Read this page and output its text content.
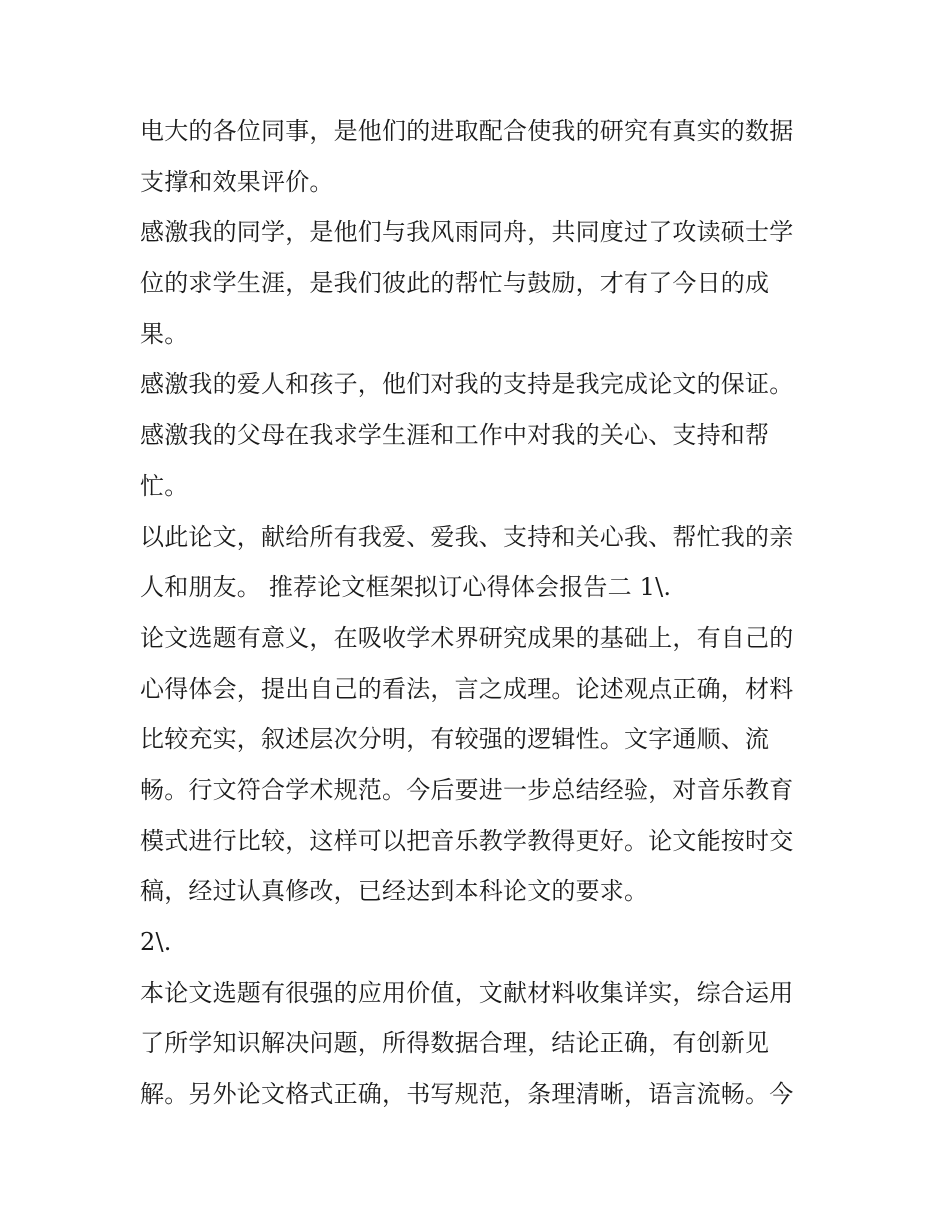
电大的各位同事，是他们的进取配合使我的研究有真实的数据
支撑和效果评价。
感激我的同学，是他们与我风雨同舟，共同度过了攻读硕士学
位的求学生涯，是我们彼此的帮忙与鼓励，才有了今日的成
果。
感激我的爱人和孩子，他们对我的支持是我完成论文的保证。
感激我的父母在我求学生涯和工作中对我的关心、支持和帮
忙。
以此论文，献给所有我爱、爱我、支持和关心我、帮忙我的亲
人和朋友。 推荐论文框架拟订心得体会报告二 1\.
论文选题有意义，在吸收学术界研究成果的基础上，有自己的
心得体会，提出自己的看法，言之成理。论述观点正确，材料
比较充实，叙述层次分明，有较强的逻辑性。文字通顺、流
畅。行文符合学术规范。今后要进一步总结经验，对音乐教育
模式进行比较，这样可以把音乐教学教得更好。论文能按时交
稿，经过认真修改，已经达到本科论文的要求。
2\.
本论文选题有很强的应用价值，文献材料收集详实，综合运用
了所学知识解决问题，所得数据合理，结论正确，有创新见
解。另外论文格式正确，书写规范，条理清晰，语言流畅。今
